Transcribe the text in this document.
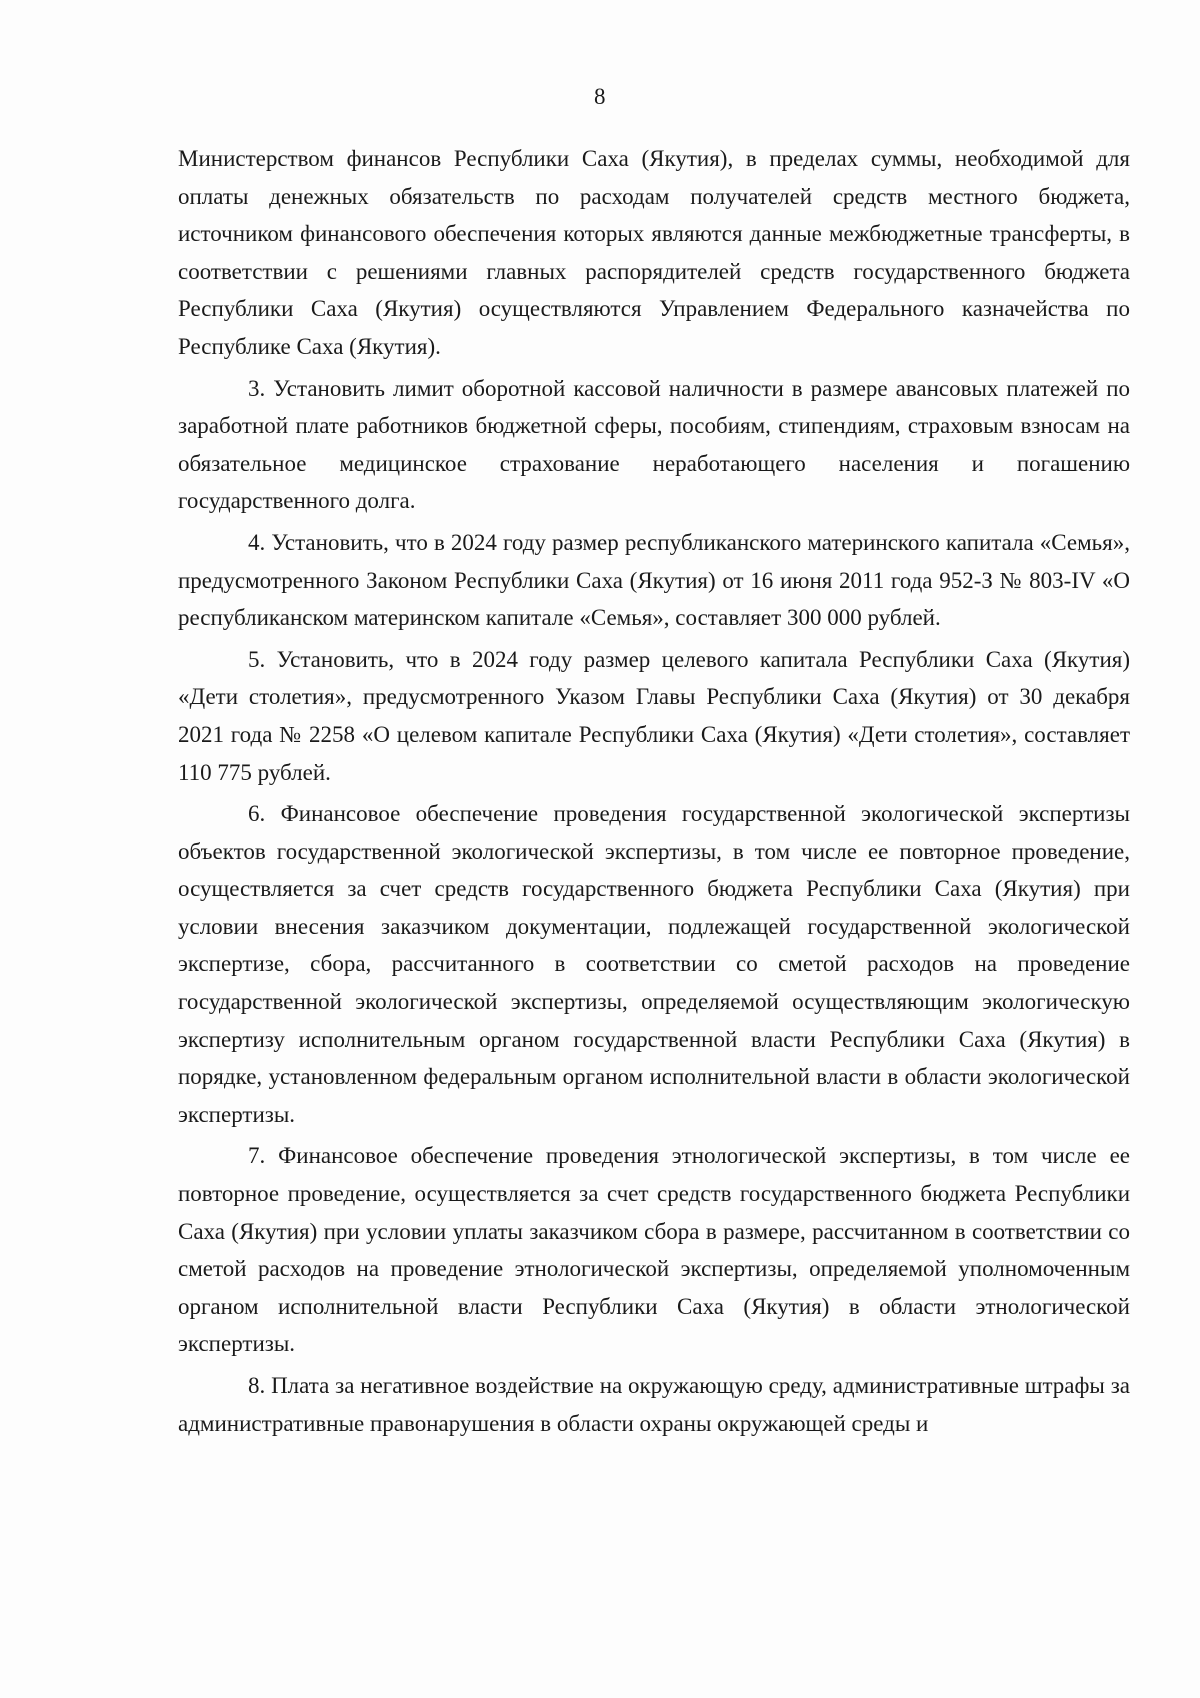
8

Министерством финансов Республики Саха (Якутия), в пределах суммы, необходимой для оплаты денежных обязательств по расходам получателей средств местного бюджета, источником финансового обеспечения которых являются данные межбюджетные трансферты, в соответствии с решениями главных распорядителей средств государственного бюджета Республики Саха (Якутия) осуществляются Управлением Федерального казначейства по Республике Саха (Якутия).

3. Установить лимит оборотной кассовой наличности в размере авансовых платежей по заработной плате работников бюджетной сферы, пособиям, стипендиям, страховым взносам на обязательное медицинское страхование неработающего населения и погашению государственного долга.

4. Установить, что в 2024 году размер республиканского материнского капитала «Семья», предусмотренного Законом Республики Саха (Якутия) от 16 июня 2011 года 952-З № 803-IV «О республиканском материнском капитале «Семья», составляет 300 000 рублей.

5. Установить, что в 2024 году размер целевого капитала Республики Саха (Якутия) «Дети столетия», предусмотренного Указом Главы Республики Саха (Якутия) от 30 декабря 2021 года № 2258 «О целевом капитале Республики Саха (Якутия) «Дети столетия», составляет 110 775 рублей.

6. Финансовое обеспечение проведения государственной экологической экспертизы объектов государственной экологической экспертизы, в том числе ее повторное проведение, осуществляется за счет средств государственного бюджета Республики Саха (Якутия) при условии внесения заказчиком документации, подлежащей государственной экологической экспертизе, сбора, рассчитанного в соответствии со сметой расходов на проведение государственной экологической экспертизы, определяемой осуществляющим экологическую экспертизу исполнительным органом государственной власти Республики Саха (Якутия) в порядке, установленном федеральным органом исполнительной власти в области экологической экспертизы.

7. Финансовое обеспечение проведения этнологической экспертизы, в том числе ее повторное проведение, осуществляется за счет средств государственного бюджета Республики Саха (Якутия) при условии уплаты заказчиком сбора в размере, рассчитанном в соответствии со сметой расходов на проведение этнологической экспертизы, определяемой уполномоченным органом исполнительной власти Республики Саха (Якутия) в области этнологической экспертизы.

8. Плата за негативное воздействие на окружающую среду, административные штрафы за административные правонарушения в области охраны окружающей среды и
